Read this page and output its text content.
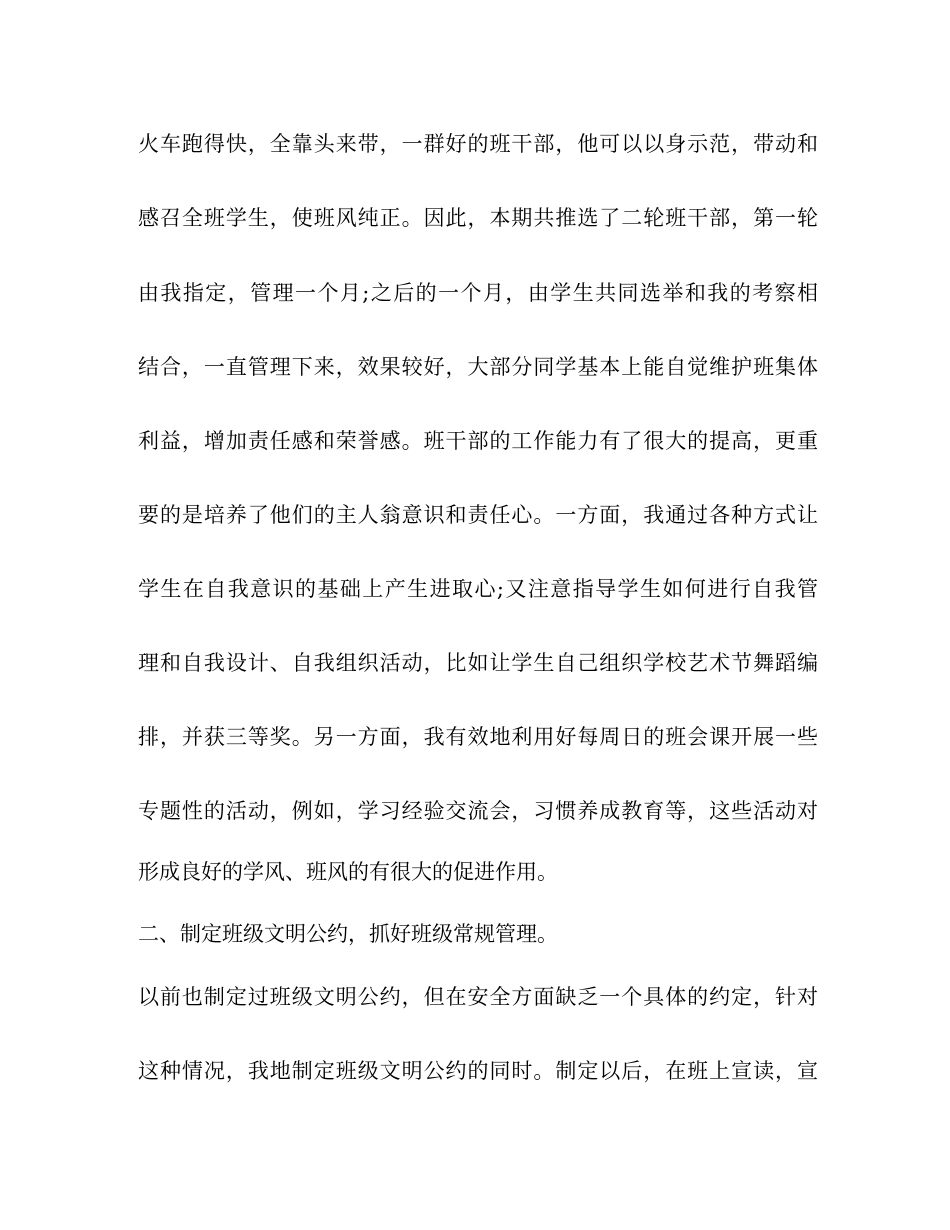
火车跑得快，全靠头来带，一群好的班干部，他可以以身示范，带动和
感召全班学生，使班风纯正。因此，本期共推选了二轮班干部，第一轮
由我指定，管理一个月;之后的一个月，由学生共同选举和我的考察相
结合，一直管理下来，效果较好，大部分同学基本上能自觉维护班集体
利益，增加责任感和荣誉感。班干部的工作能力有了很大的提高，更重
要的是培养了他们的主人翁意识和责任心。一方面，我通过各种方式让
学生在自我意识的基础上产生进取心;又注意指导学生如何进行自我管
理和自我设计、自我组织活动，比如让学生自己组织学校艺术节舞蹈编
排，并获三等奖。另一方面，我有效地利用好每周日的班会课开展一些
专题性的活动，例如，学习经验交流会，习惯养成教育等，这些活动对
形成良好的学风、班风的有很大的促进作用。
二、制定班级文明公约，抓好班级常规管理。
以前也制定过班级文明公约，但在安全方面缺乏一个具体的约定，针对
这种情况，我地制定班级文明公约的同时。制定以后，在班上宣读，宣
